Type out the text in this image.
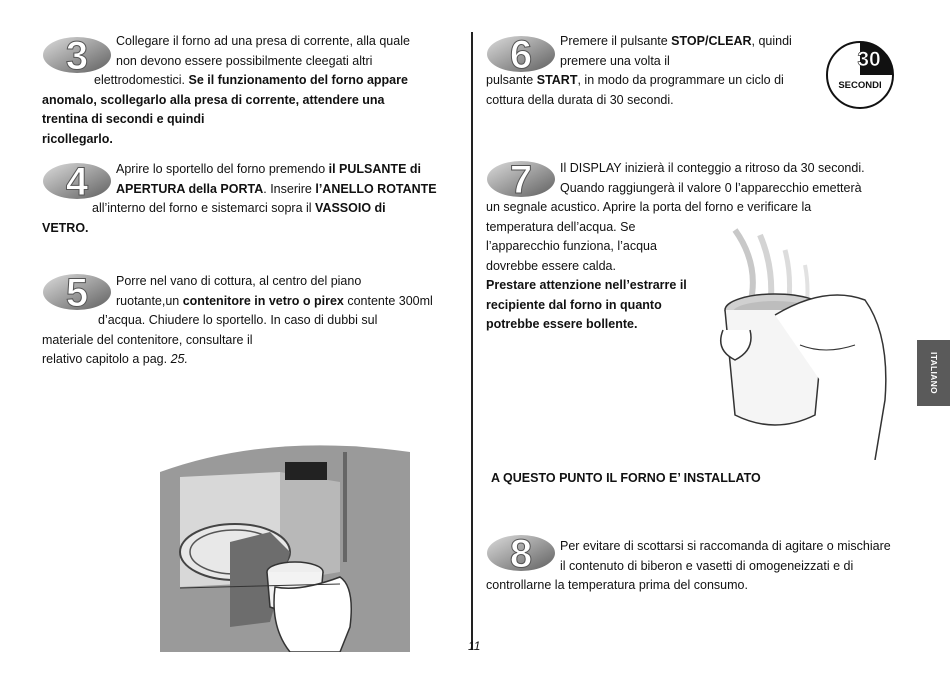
3	Collegare il forno ad una presa di corrente, alla quale

non devono essere possibilmente cleegati altri

elettrodomestici. Se il funzionamento del forno appare

anomalo, scollegarlo alla presa di corrente, attendere una

trentina di secondi e quindi

ricollegarlo.

4	Aprire lo sportello del forno premendo il PULSANTE di

APERTURA della PORTA. Inserire l’ANELLO ROTANTE

all’interno del forno e sistemarci sopra il VASSOIO di

VETRO.

5	Porre nel vano di cottura, al centro del piano

ruotante,un contenitore in vetro o pirex contente 300ml

d’acqua. Chiudere lo sportello. In caso di dubbi sul

materiale del contenitore, consultare il

relativo capitolo a pag. 25.

6	Premere il pulsante STOP/CLEAR, quindi

premere una volta il

pulsante START, in modo da programmare un ciclo di

cottura della durata di 30 secondi.

30
SECONDI
7	Il DISPLAY inizierà il conteggio a ritroso da 30 secondi.

Quando raggiungerà il valore 0 l’apparecchio emetterà

un segnale acustico. Aprire la porta del forno e verificare la

temperatura dell’acqua. Se

l’apparecchio funziona, l’acqua

dovrebbe essere calda.

Prestare attenzione nell’estrarre il

recipiente dal forno in quanto

potrebbe essere bollente.

A QUESTO PUNTO IL FORNO E’ INSTALLATO
8	Per evitare di scottarsi si raccomanda di agitare o mischiare

il contenuto di biberon e vasetti di omogeneizzati e di

controllarne la temperatura prima del consumo.

ITALIANO
11
